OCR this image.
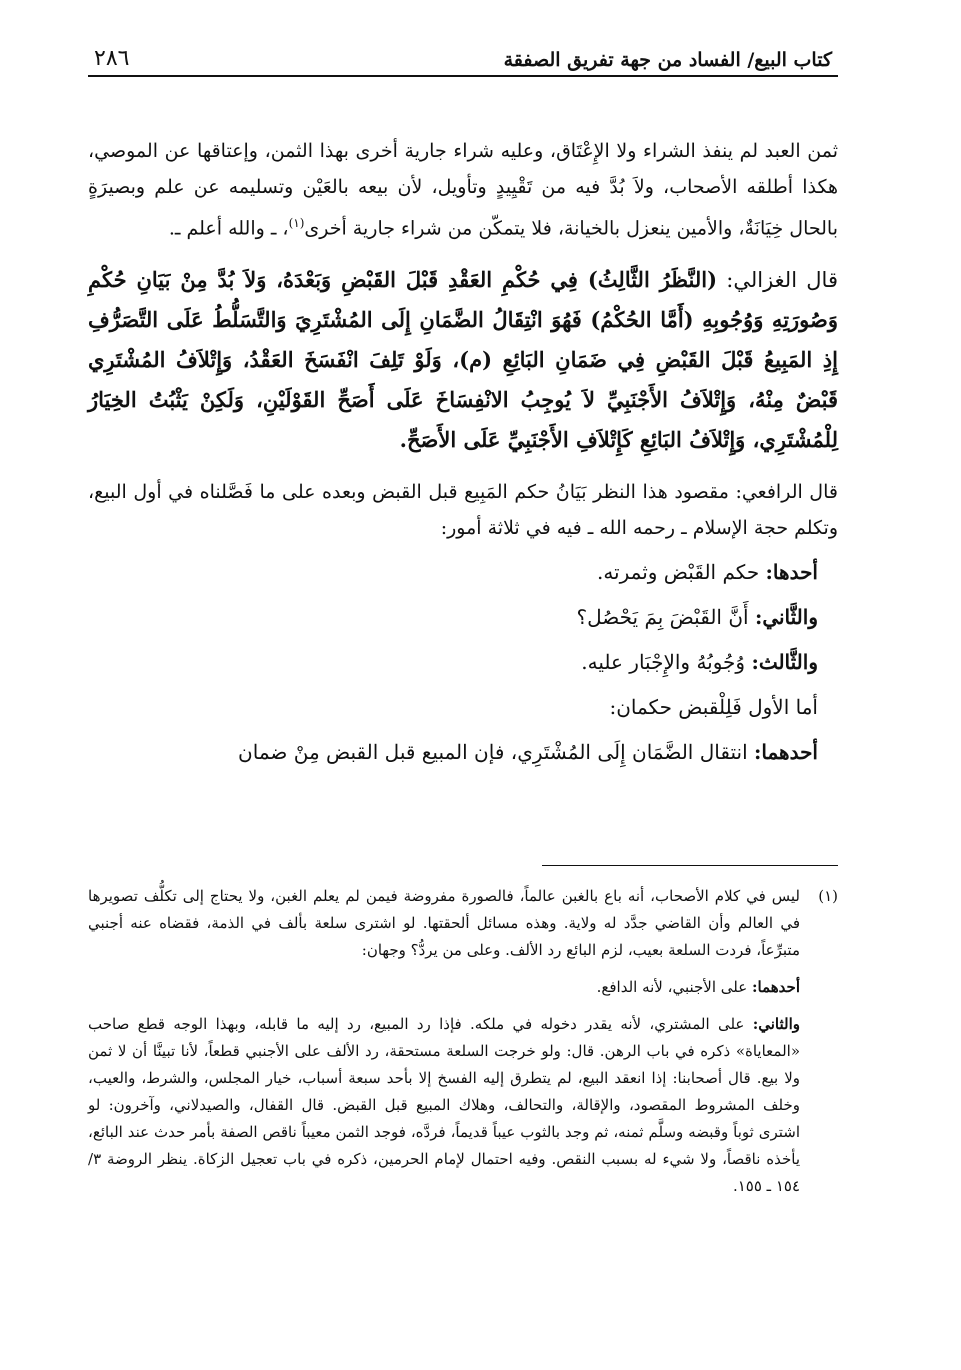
كتاب البيع/ الفساد من جهة تفريق الصفقة
٢٨٦

ثمن العبد لم ينفذ الشراء ولا الإِعْتَاق، وعليه شراء جارية أخرى بهذا الثمن، وإعتاقها عن الموصي، هكذا أطلقه الأصحاب، ولاَ بُدَّ فيه من تَقْيِيدٍ وتأويل، لأن بيعه بالعَيْن وتسليمه عن علم وبصيرَةٍ بالحال خِيَانَةٌ، والأمين ينعزل بالخيانة، فلا يتمكّن من شراء جارية أخرى$^{(١)}$، ـ والله أعلم ـ.

قال الغزالي: (النَّظَرُ الثَّالِثُ) فِي حُكْمِ العَقْدِ قَبْلَ القَبْضِ وَبَعْدَهُ، وَلاَ بُدَّ مِنْ بَيَانِ حُكْمِ وَصُورَتِهِ وَوُجُوبِهِ (أَمَّا الحُكْمُ) فَهُوَ انْتِقَالُ الضَّمَانِ إِلَى المُشْتَرِيَ وَالتَّسَلُّطُ عَلَى التَّصَرُّفِ إِذِ المَبِيعُ قَبْلَ القَبْضِ فِي ضَمَانِ البَائِعِ (م)، وَلَوْ تَلِفَ انْفَسَخَ العَقْدُ، وَإِتْلاَفُ المُشْتَرِي قَبْضٌ مِنْهُ، وَإِتْلاَفُ الأَجْنَبِيِّ لاَ يُوجِبُ الانْفِسَاخَ عَلَى أَصَحِّ القَوْلَيْنِ، وَلَكِنْ يَثْبُتُ الخِيَارُ لِلْمُشْتَرِي، وَإِتْلاَفُ البَائِعِ كَإِتْلاَفِ الأَجْنَبِيِّ عَلَى الأَصَحِّ.

قال الرافعي: مقصود هذا النظر بَيَانُ حكم المَبِيع قبل القبض وبعده على ما فَصَّلناه في أول البيع، وتكلم حجة الإسلام ـ رحمه الله ـ فيه في ثلاثة أمور:

أحدها: حكم القَبْض وثمرته.
والثَّاني: أَنَّ القَبْضَ بِمَ يَحْصُل؟
والثَّالث: وُجُوبُهُ والإِجْبَار عليه.
أما الأول فَلِلْقبض حكمان:
أحدهما: انتقال الضَّمَان إِلَى المُشْتَرِي، فإن المبيع قبل القبض مِنْ ضمان
(١)

ليس في كلام الأصحاب، أنه باع بالغبن عالماً، فالصورة مفروضة فيمن لم يعلم الغبن، ولا يحتاج إلى تكلُّف تصويرها في العالم وأن القاضي جدَّد له ولاية. وهذه مسائل ألحقتها. لو اشترى سلعة بألف في الذمة، فقضاه عنه أجنبي متبرِّعاً، فردت السلعة بعيب، لزم البائع رد الألف. وعلى من يردُّ؟ وجهان:

أحدهما: على الأجنبي، لأنه الدافع.

والثاني: على المشتري، لأنه يقدر دخوله في ملكه. فإذا رد المبيع، رد إليه ما قابله، وبهذا الوجه قطع صاحب «المعاياة» ذكره في باب الرهن. قال: ولو خرجت السلعة مستحقة، رد الألف على الأجنبي قطعاً، لأنا تبينَّا أن لا ثمن ولا بيع. قال أصحابنا: إذا انعقد البيع، لم يتطرق إليه الفسخ إلا بأحد سبعة أسباب، خيار المجلس، والشرط، والعيب، وخلف المشروط المقصود، والإقالة، والتحالف، وهلاك المبيع قبل القبض. قال القفال، والصيدلاني، وآخرون: لو اشترى ثوباً وقبضه وسلَّم ثمنه، ثم وجد بالثوب عيباً قديماً، فردَّه، فوجد الثمن معيباً ناقص الصفة بأمر حدث عند البائع، يأخذه ناقصاً، ولا شيء له بسبب النقص. وفيه احتمال لإمام الحرمين، ذكره في باب تعجيل الزكاة. ينظر الروضة ٣/ ١٥٤ ـ ١٥٥.
